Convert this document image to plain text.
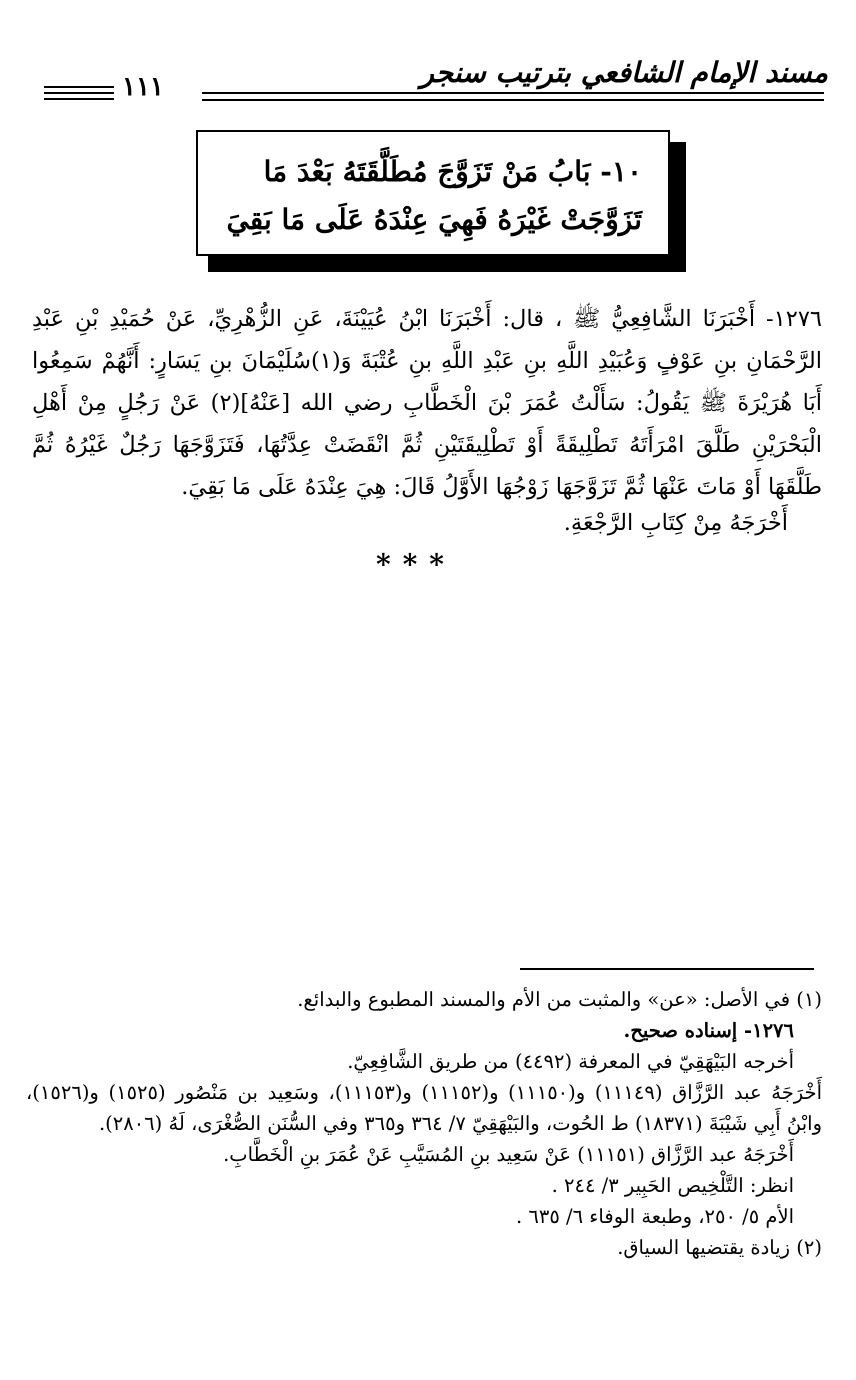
مسند الإمام الشافعي بترتيب سنجر
١١١
١٠- بَابُ مَنْ تَزَوَّجَ مُطَلَّقَتَهُ بَعْدَ مَا
تَزَوَّجَتْ غَيْرَهُ فَهِيَ عِنْدَهُ عَلَى مَا بَقِيَ

١٢٧٦- أَخْبَرَنَا الشَّافِعِيُّ ﷺ ، قال: أَخْبَرَنَا ابْنُ عُيَيْنَةَ، عَنِ الزُّهْرِيِّ، عَنْ حُمَيْدِ بْنِ عَبْدِ الرَّحْمَانِ بنِ عَوْفٍ وَعُبَيْدِ اللَّهِ بنِ عَبْدِ اللَّهِ بنِ عُتْبَةَ وَ(١)سُلَيْمَانَ بنِ يَسَارٍ: أَنَّهُمْ سَمِعُوا أَبَا هُرَيْرَةَ ﷺ يَقُولُ: سَأَلْتُ عُمَرَ بْنَ الْخَطَّابِ رضي الله [عَنْهُ](٢) عَنْ رَجُلٍ مِنْ أَهْلِ الْبَحْرَيْنِ طَلَّقَ امْرَأَتَهُ تَطْلِيقَةً أَوْ تَطْلِيقَتَيْنِ ثُمَّ انْقَضَتْ عِدَّتُهَا، فَتَزَوَّجَهَا رَجُلٌ غَيْرُهُ ثُمَّ طَلَّقَهَا أَوْ مَاتَ عَنْهَا ثُمَّ تَزَوَّجَهَا زَوْجُهَا الأَوَّلُ قَالَ: هِيَ عِنْدَهُ عَلَى مَا بَقِيَ.

أَخْرَجَهُ مِنْ كِتَابِ الرَّجْعَةِ.
***

(١) في الأصل: «عن» والمثبت من الأم والمسند المطبوع والبدائع.

١٢٧٦- إسناده صحيح.

أخرجه البَيْهَقِيّ في المعرفة (٤٤٩٢) من طريق الشَّافِعِيّ.

أَخْرَجَهُ عبد الرَّزَّاق (١١١٤٩) و(١١١٥٠) و(١١١٥٢) و(١١١٥٣)، وسَعِيد بن مَنْصُور (١٥٢٥) و(١٥٢٦)، وابْنُ أَبِي شَيْبَةَ (١٨٣٧١) ط الحُوت، والبَيْهَقِيّ ٧/ ٣٦٤ و٣٦٥ وفي السُّنَن الصُّغْرَى، لَهُ (٢٨٠٦).

أَخْرَجَهُ عبد الرَّزَّاق (١١١٥١) عَنْ سَعِيد بنِ المُسَيَّبِ عَنْ عُمَرَ بنِ الْخَطَّابِ.

انظر: التَّلْخِيص الحَبِير ٣/ ٢٤٤ .

الأم ٥/ ٢٥٠، وطبعة الوفاء ٦/ ٦٣٥ .

(٢) زيادة يقتضيها السياق.
